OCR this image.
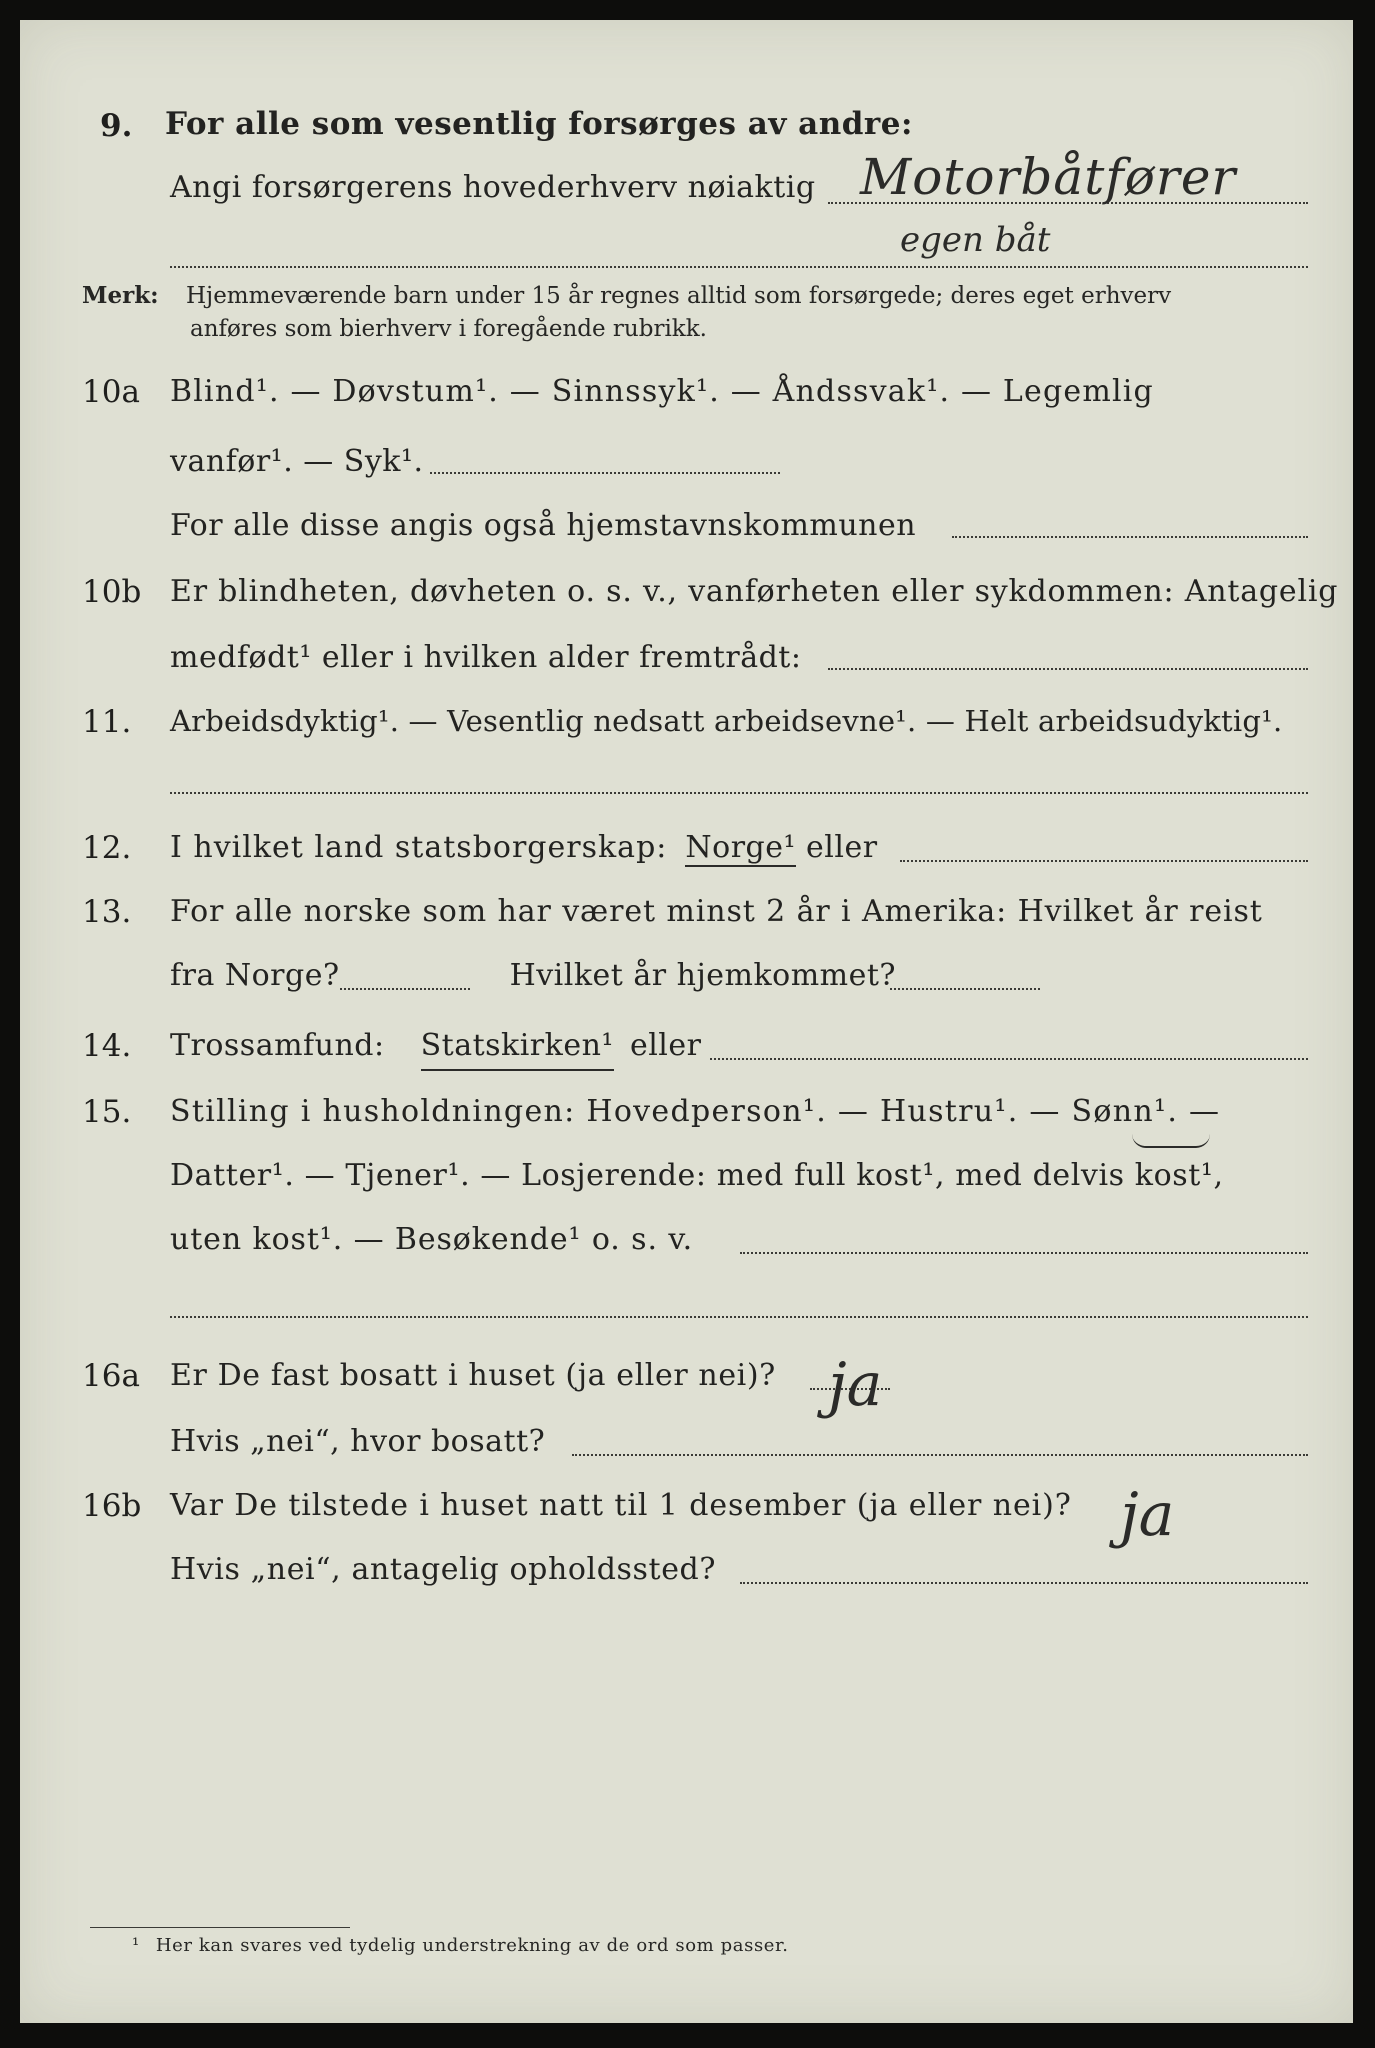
9. For alle som vesentlig forsørges av andre:
Angi forsørgerens hovederhverv nøiaktig Motorbåtfører
egen båt
Merk:	Hjemmeværende barn under 15 år regnes alltid som forsørgede; deres eget erhverv
anføres som bierhverv i foregående rubrikk.
10a Blind¹. — Døvstum¹. — Sinnssyk¹. — Åndssvak¹. — Legemlig
vanfør¹. — Syk¹.
For alle disse angis også hjemstavnskommunen
10b Er blindheten, døvheten o. s. v., vanførheten eller sykdommen: Antagelig
medfødt¹ eller i hvilken alder fremtrådt:
11. Arbeidsdyktig¹. — Vesentlig nedsatt arbeidsevne¹. — Helt arbeidsudyktig¹.
12. I hvilket land statsborgerskap: Norge¹ eller
13. For alle norske som har været minst 2 år i Amerika: Hvilket år reist
fra Norge?	Hvilket år hjemkommet?
14. Trossamfund: Statskirken¹ eller
15. Stilling i husholdningen: Hovedperson¹. — Hustru¹. — Sønn¹. —
Datter¹. — Tjener¹. — Losjerende: med full kost¹, med delvis kost¹,
uten kost¹. — Besøkende¹ o. s. v.
16a Er De fast bosatt i huset (ja eller nei)? ja
Hvis „nei“, hvor bosatt?
16b Var De tilstede i huset natt til 1 desember (ja eller nei)? ja
Hvis „nei“, antagelig opholdssted?
¹ Her kan svares ved tydelig understrekning av de ord som passer.
